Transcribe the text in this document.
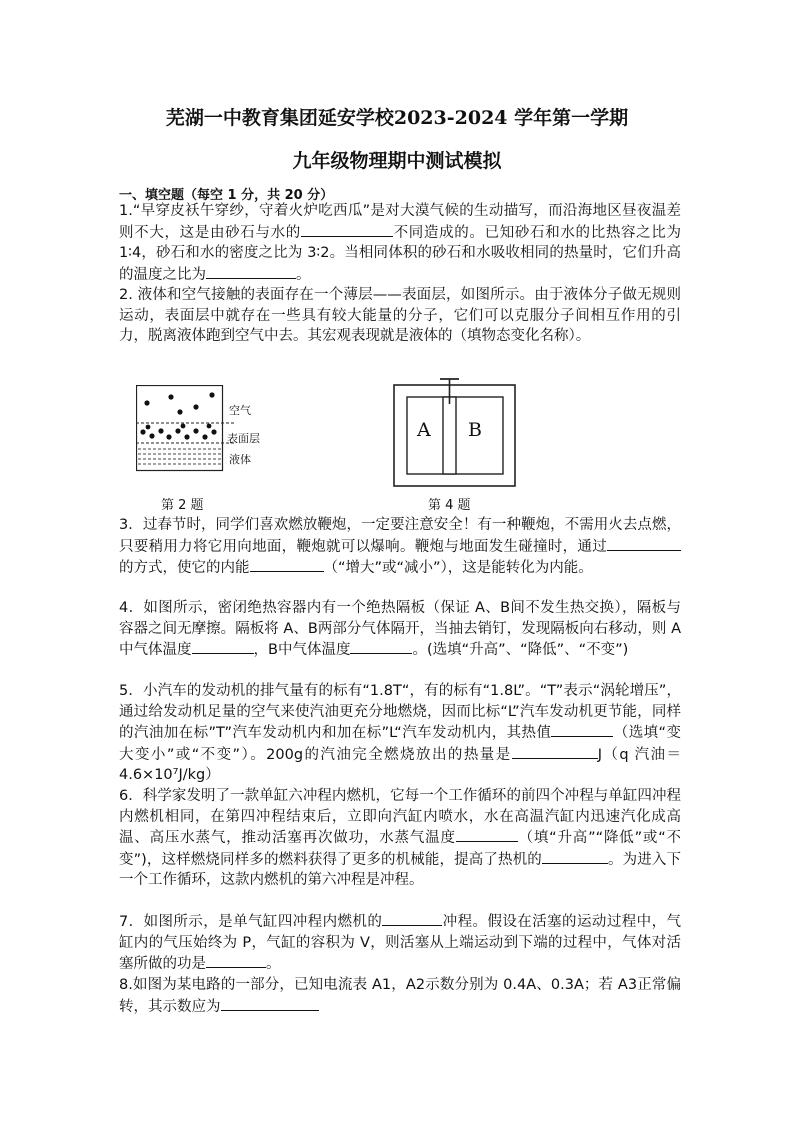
芜湖一中教育集团延安学校2023-2024 学年第一学期
九年级物理期中测试模拟
一、填空题（每空 1 分，共 20 分）
1.“早穿皮袄午穿纱，守着火炉吃西瓜”是对大漠气候的生动描写，而沿海地区昼夜温差则不大，这是由砂石与水的	不同造成的。已知砂石和水的比热容之比为 1∶4，砂石和水的密度之比为 3∶2。当相同体积的砂石和水吸收相同的热量时，它们升高的温度之比为	。
2. 液体和空气接触的表面存在一个薄层——表面层，如图所示。由于液体分子做无规则运动，表面层中就存在一些具有较大能量的分子，它们可以克服分子间相互作用的引力，脱离液体跑到空气中去。其宏观表现就是液体的（填物态变化名称）。
空气
表面层
液体
第 2 题
A B
第 4 题
3．过春节时，同学们喜欢燃放鞭炮，一定要注意安全！有一种鞭炮，不需用火去点燃，只要稍用力将它用向地面，鞭炮就可以爆响。鞭炮与地面发生碰撞时，通过的方式，使它的内能	（“增大”或“减小”），这是能转化为内能。
4．如图所示，密闭绝热容器内有一个绝热隔板（保证 A、B间不发生热交换），隔板与容器之间无摩擦。隔板将 A、B两部分气体隔开，当抽去销钉，发现隔板向右移动，则 A中气体温度	，B中气体温度	。(选填“升高”、“降低”、“不变”)
5．小汽车的发动机的排气量有的标有“1.8T“，有的标有“1.8L”。“T”表示“涡轮增压”，通过给发动机足量的空气来使汽油更充分地燃烧，因而比标“L”汽车发动机更节能，同样的汽油加在标”T”汽车发动机内和加在标”L“汽车发动机内，其热值	（选填“变大变小”或“不变”）。200g的汽油完全燃烧放出的热量是	J（q 汽油＝4.6×10⁷J/kg）
6．科学家发明了一款单缸六冲程内燃机，它每一个工作循环的前四个冲程与单缸四冲程内燃机相同，在第四冲程结束后，立即向汽缸内喷水，水在高温汽缸内迅速汽化成高温、高压水蒸气，推动活塞再次做功，水蒸气温度	（填“升高”“降低”或“不变”)，这样燃烧同样多的燃料获得了更多的机械能，提高了热机的	。为进入下一个工作循环，这款内燃机的第六冲程是冲程。
7．如图所示，是单气缸四冲程内燃机的	冲程。假设在活塞的运动过程中，气缸内的气压始终为 P，气缸的容积为 V，则活塞从上端运动到下端的过程中，气体对活塞所做的功是	。
8.如图为某电路的一部分，已知电流表 A1，A2示数分别为 0.4A、0.3A；若 A3正常偏转，其示数应为
